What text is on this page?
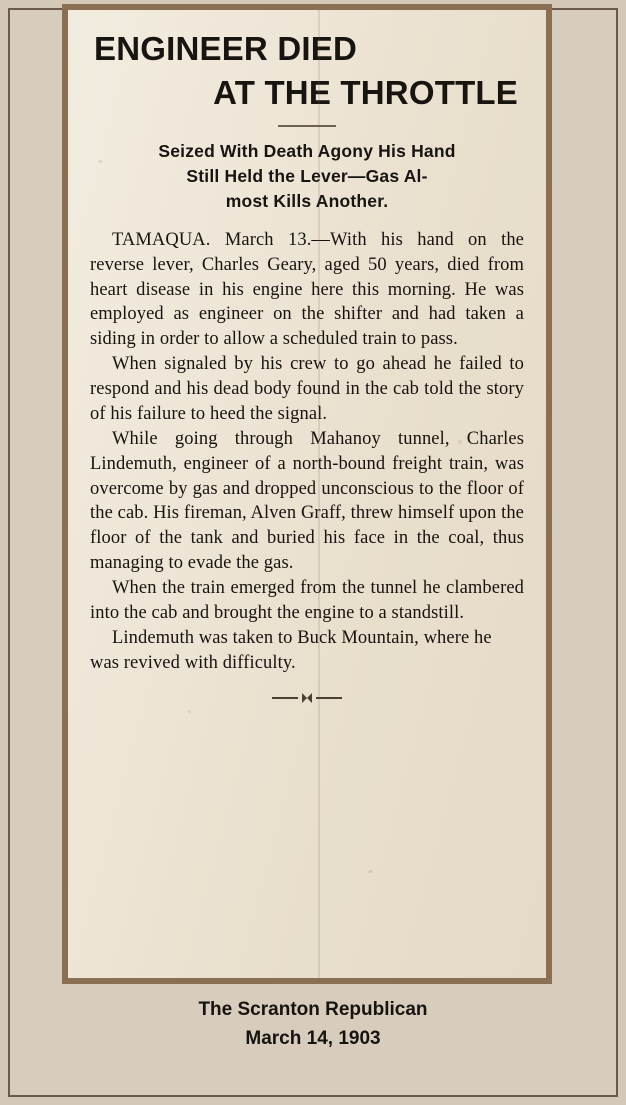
ENGINEER DIED
AT THE THROTTLE
Seized With Death Agony His Hand
Still Held the Lever—Gas Al-
most Kills Another.

TAMAQUA. March 13.—With his hand on the reverse lever, Charles Geary, aged 50 years, died from heart disease in his engine here this morning. He was employed as engineer on the shifter and had taken a siding in order to allow a scheduled train to pass.

When signaled by his crew to go ahead he failed to respond and his dead body found in the cab told the story of his failure to heed the signal.

While going through Mahanoy tunnel, Charles Lindemuth, engineer of a north-bound freight train, was overcome by gas and dropped unconscious to the floor of the cab. His fireman, Alven Graff, threw himself upon the floor of the tank and buried his face in the coal, thus managing to evade the gas.

When the train emerged from the tunnel he clambered into the cab and brought the engine to a standstill.

Lindemuth was taken to Buck Mountain, where he was revived with difficulty.

The Scranton Republican
March 14, 1903
